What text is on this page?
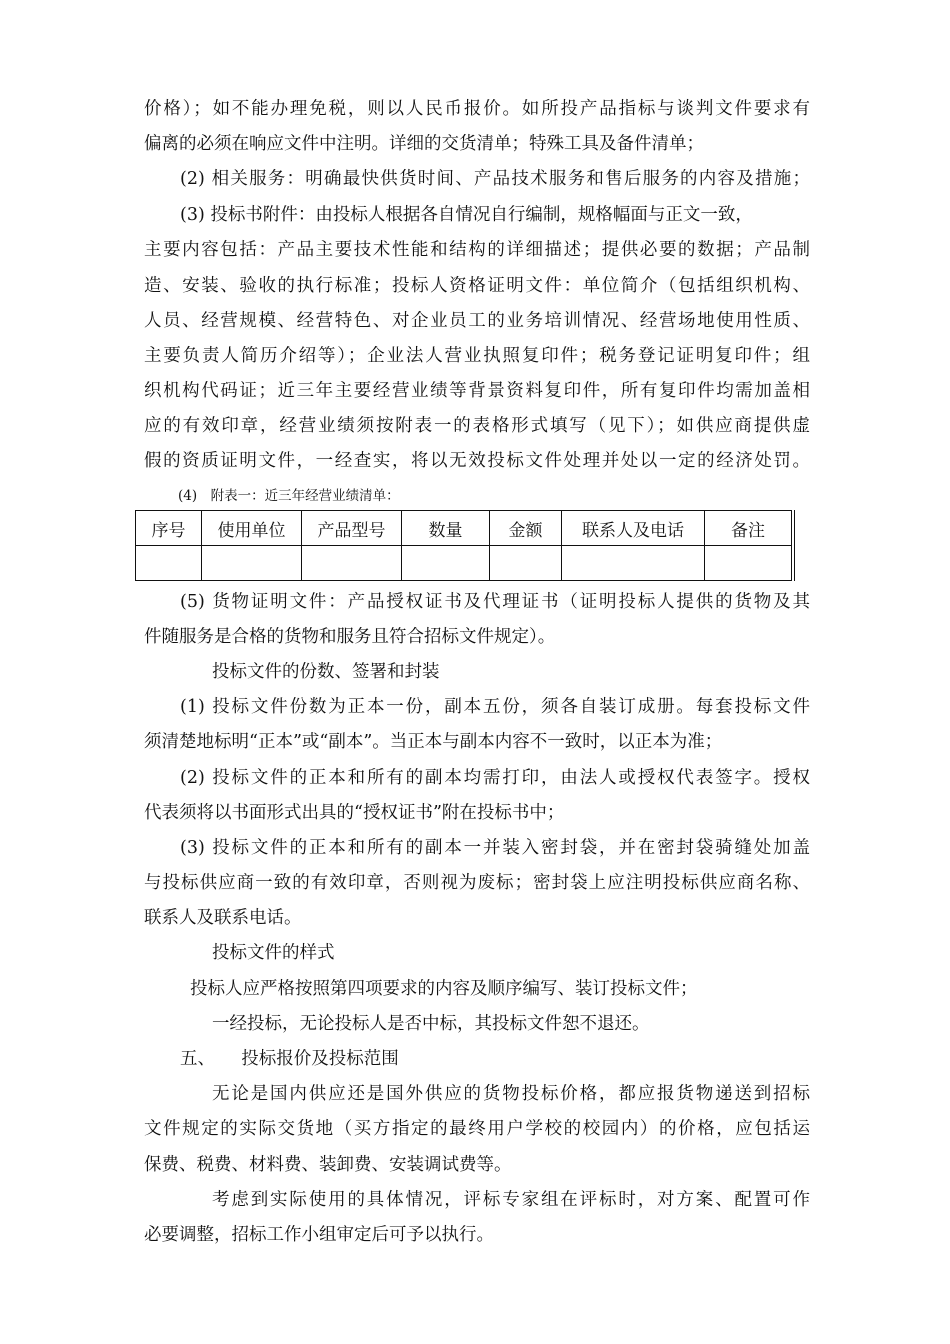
价格）；如不能办理免税，则以人民币报价。如所投产品指标与谈判文件要求有
偏离的必须在响应文件中注明。详细的交货清单；特殊工具及备件清单；
(2) 相关服务：明确最快供货时间、产品技术服务和售后服务的内容及措施；
(3) 投标书附件：由投标人根据各自情况自行编制，规格幅面与正文一致，
主要内容包括：产品主要技术性能和结构的详细描述；提供必要的数据；产品制
造、安装、验收的执行标准；投标人资格证明文件：单位简介（包括组织机构、
人员、经营规模、经营特色、对企业员工的业务培训情况、经营场地使用性质、
主要负责人简历介绍等）；企业法人营业执照复印件；税务登记证明复印件；组
织机构代码证；近三年主要经营业绩等背景资料复印件，所有复印件均需加盖相
应的有效印章，经营业绩须按附表一的表格形式填写（见下）；如供应商提供虚
假的资质证明文件，一经查实，将以无效投标文件处理并处以一定的经济处罚。
(4)　附表一：近三年经营业绩清单：
序号	使用单位	产品型号	数量	金额	联系人及电话	备注

(5) 货物证明文件：产品授权证书及代理证书（证明投标人提供的货物及其
件随服务是合格的货物和服务且符合招标文件规定）。
投标文件的份数、签署和封装
(1) 投标文件份数为正本一份，副本五份，须各自装订成册。每套投标文件
须清楚地标明“正本”或“副本”。当正本与副本内容不一致时，以正本为准；
(2) 投标文件的正本和所有的副本均需打印，由法人或授权代表签字。授权
代表须将以书面形式出具的“授权证书”附在投标书中；
(3) 投标文件的正本和所有的副本一并装入密封袋，并在密封袋骑缝处加盖
与投标供应商一致的有效印章，否则视为废标；密封袋上应注明投标供应商名称、
联系人及联系电话。
投标文件的样式
投标人应严格按照第四项要求的内容及顺序编写、装订投标文件；
一经投标，无论投标人是否中标，其投标文件恕不退还。
五、　　投标报价及投标范围
无论是国内供应还是国外供应的货物投标价格，都应报货物递送到招标
文件规定的实际交货地（买方指定的最终用户学校的校园内）的价格，应包括运
保费、税费、材料费、装卸费、安装调试费等。
考虑到实际使用的具体情况，评标专家组在评标时，对方案、配置可作
必要调整，招标工作小组审定后可予以执行。
